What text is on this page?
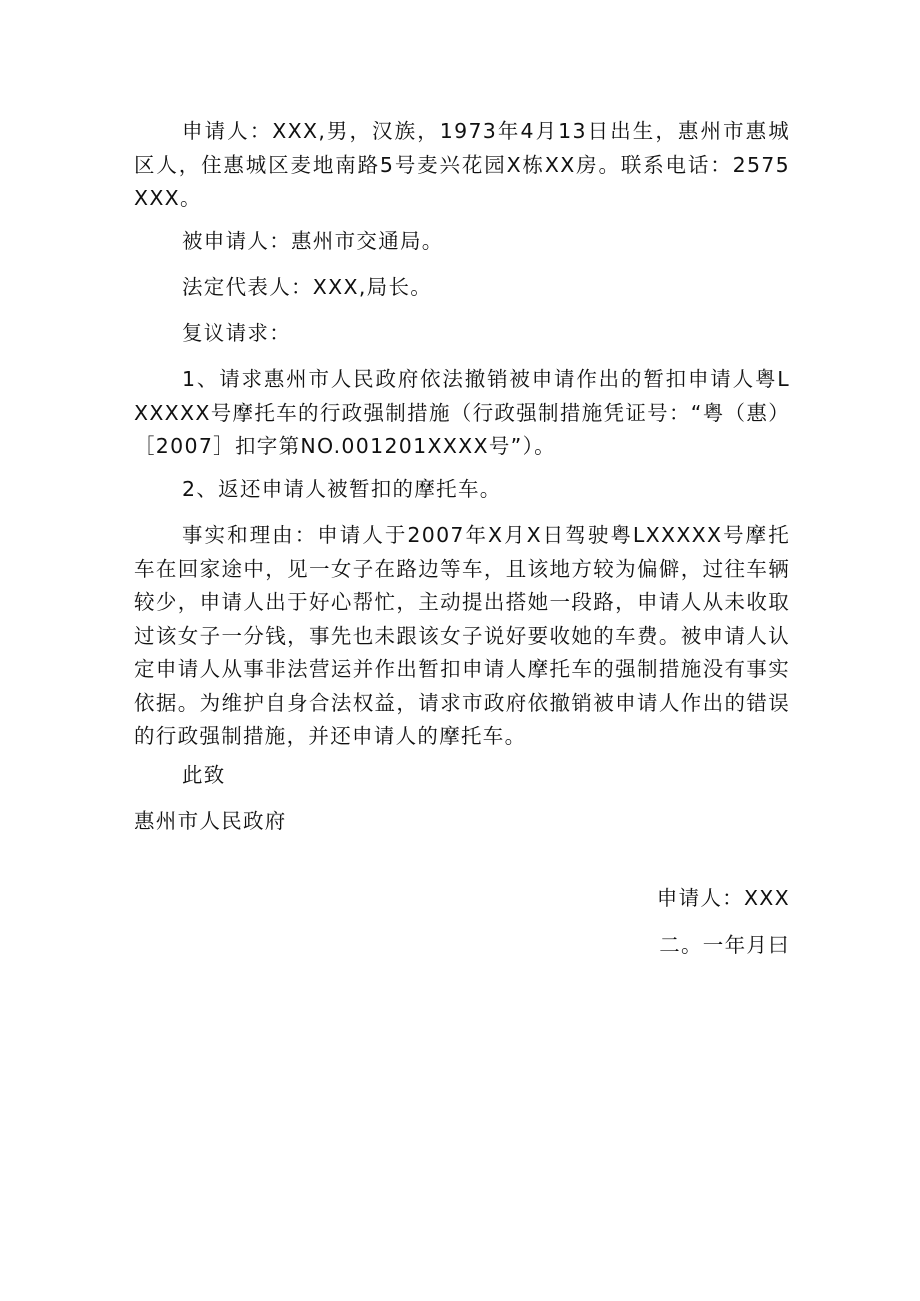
申请人：XXX,男，汉族，1973年4月13日出生，惠州市惠城区人，住惠城区麦地南路5号麦兴花园X栋XX房。联系电话：2575XXX。

被申请人：惠州市交通局。

法定代表人：XXX,局长。

复议请求：

1、请求惠州市人民政府依法撤销被申请作出的暂扣申请人粤LXXXXX号摩托车的行政强制措施（行政强制措施凭证号：“粤（惠）［2007］扣字第NO.001201XXXX号”）。

2、返还申请人被暂扣的摩托车。

事实和理由：申请人于2007年X月X日驾驶粤LXXXXX号摩托车在回家途中，见一女子在路边等车，且该地方较为偏僻，过往车辆较少，申请人出于好心帮忙，主动提出搭她一段路，申请人从未收取过该女子一分钱，事先也未跟该女子说好要收她的车费。被申请人认定申请人从事非法营运并作出暂扣申请人摩托车的强制措施没有事实依据。为维护自身合法权益，请求市政府依撤销被申请人作出的错误的行政强制措施，并还申请人的摩托车。

此致

惠州市人民政府

申请人：XXX

二。一年月曰
